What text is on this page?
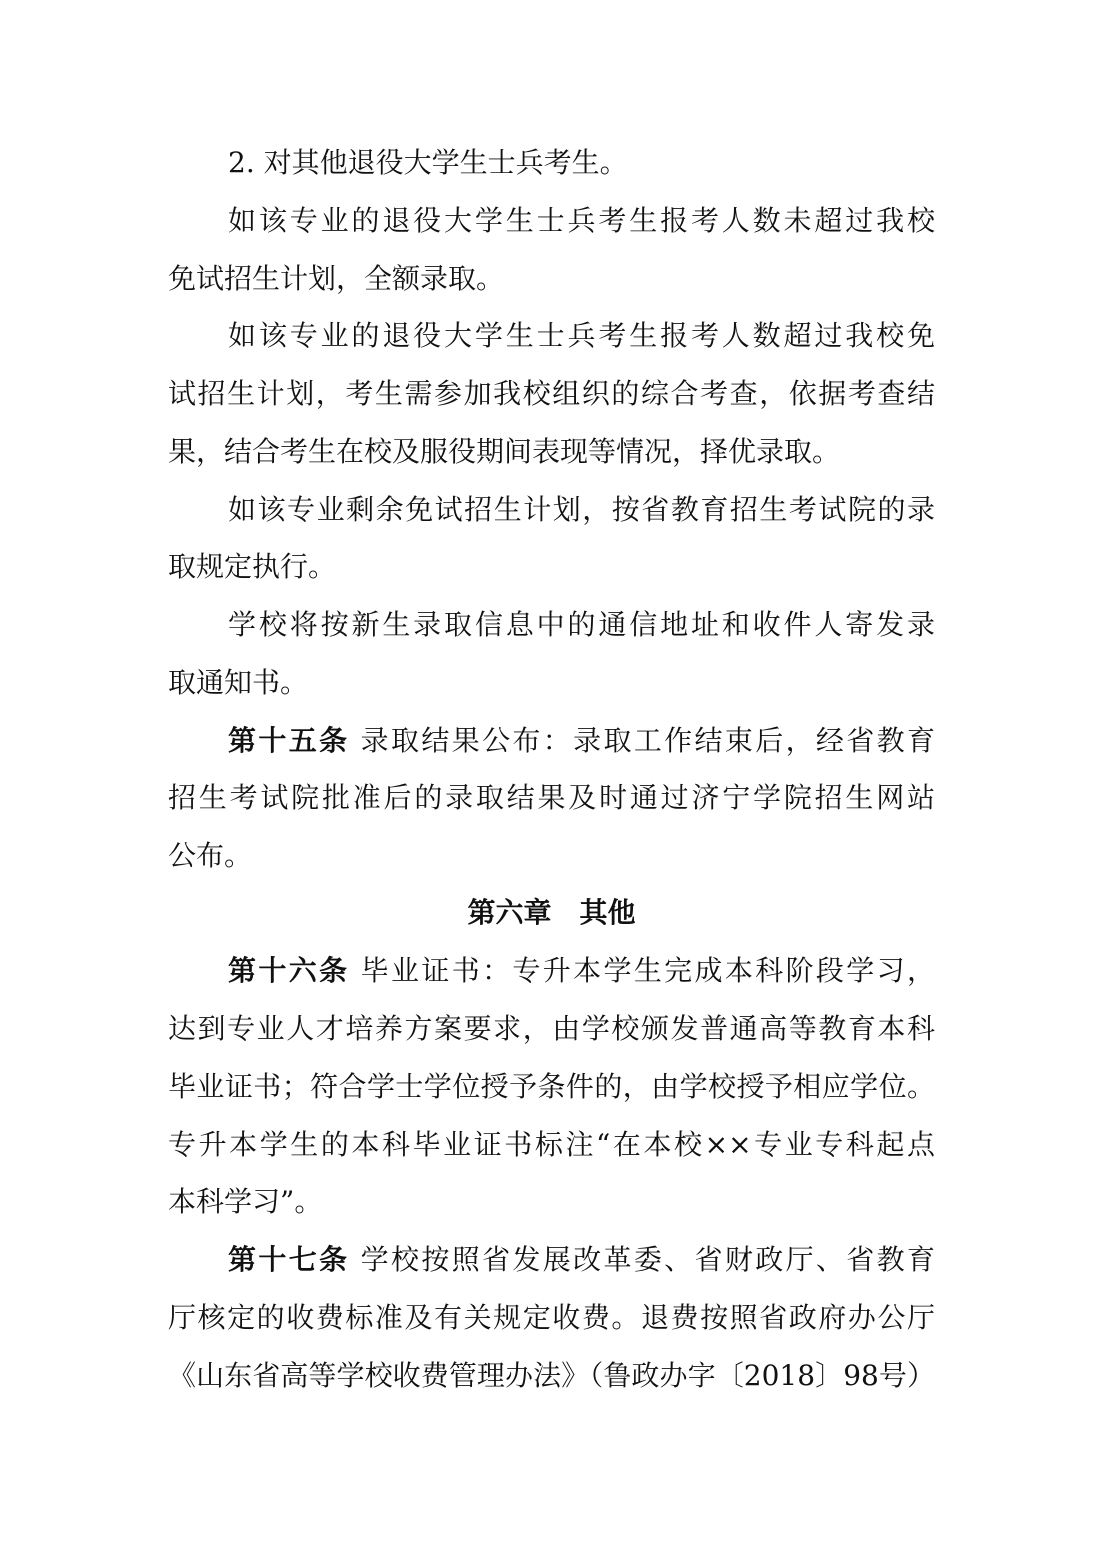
2. 对其他退役大学生士兵考生。
如该专业的退役大学生士兵考生报考人数未超过我校
免试招生计划，全额录取。
如该专业的退役大学生士兵考生报考人数超过我校免
试招生计划，考生需参加我校组织的综合考查，依据考查结
果，结合考生在校及服役期间表现等情况，择优录取。
如该专业剩余免试招生计划，按省教育招生考试院的录
取规定执行。
学校将按新生录取信息中的通信地址和收件人寄发录
取通知书。
第十五条 录取结果公布：录取工作结束后，经省教育
招生考试院批准后的录取结果及时通过济宁学院招生网站
公布。
第六章　其他
第十六条 毕业证书：专升本学生完成本科阶段学习，
达到专业人才培养方案要求，由学校颁发普通高等教育本科
毕业证书；符合学士学位授予条件的，由学校授予相应学位。
专升本学生的本科毕业证书标注“在本校××专业专科起点
本科学习”。
第十七条 学校按照省发展改革委、省财政厅、省教育
厅核定的收费标准及有关规定收费。退费按照省政府办公厅
《山东省高等学校收费管理办法》（鲁政办字〔2018〕98号）
